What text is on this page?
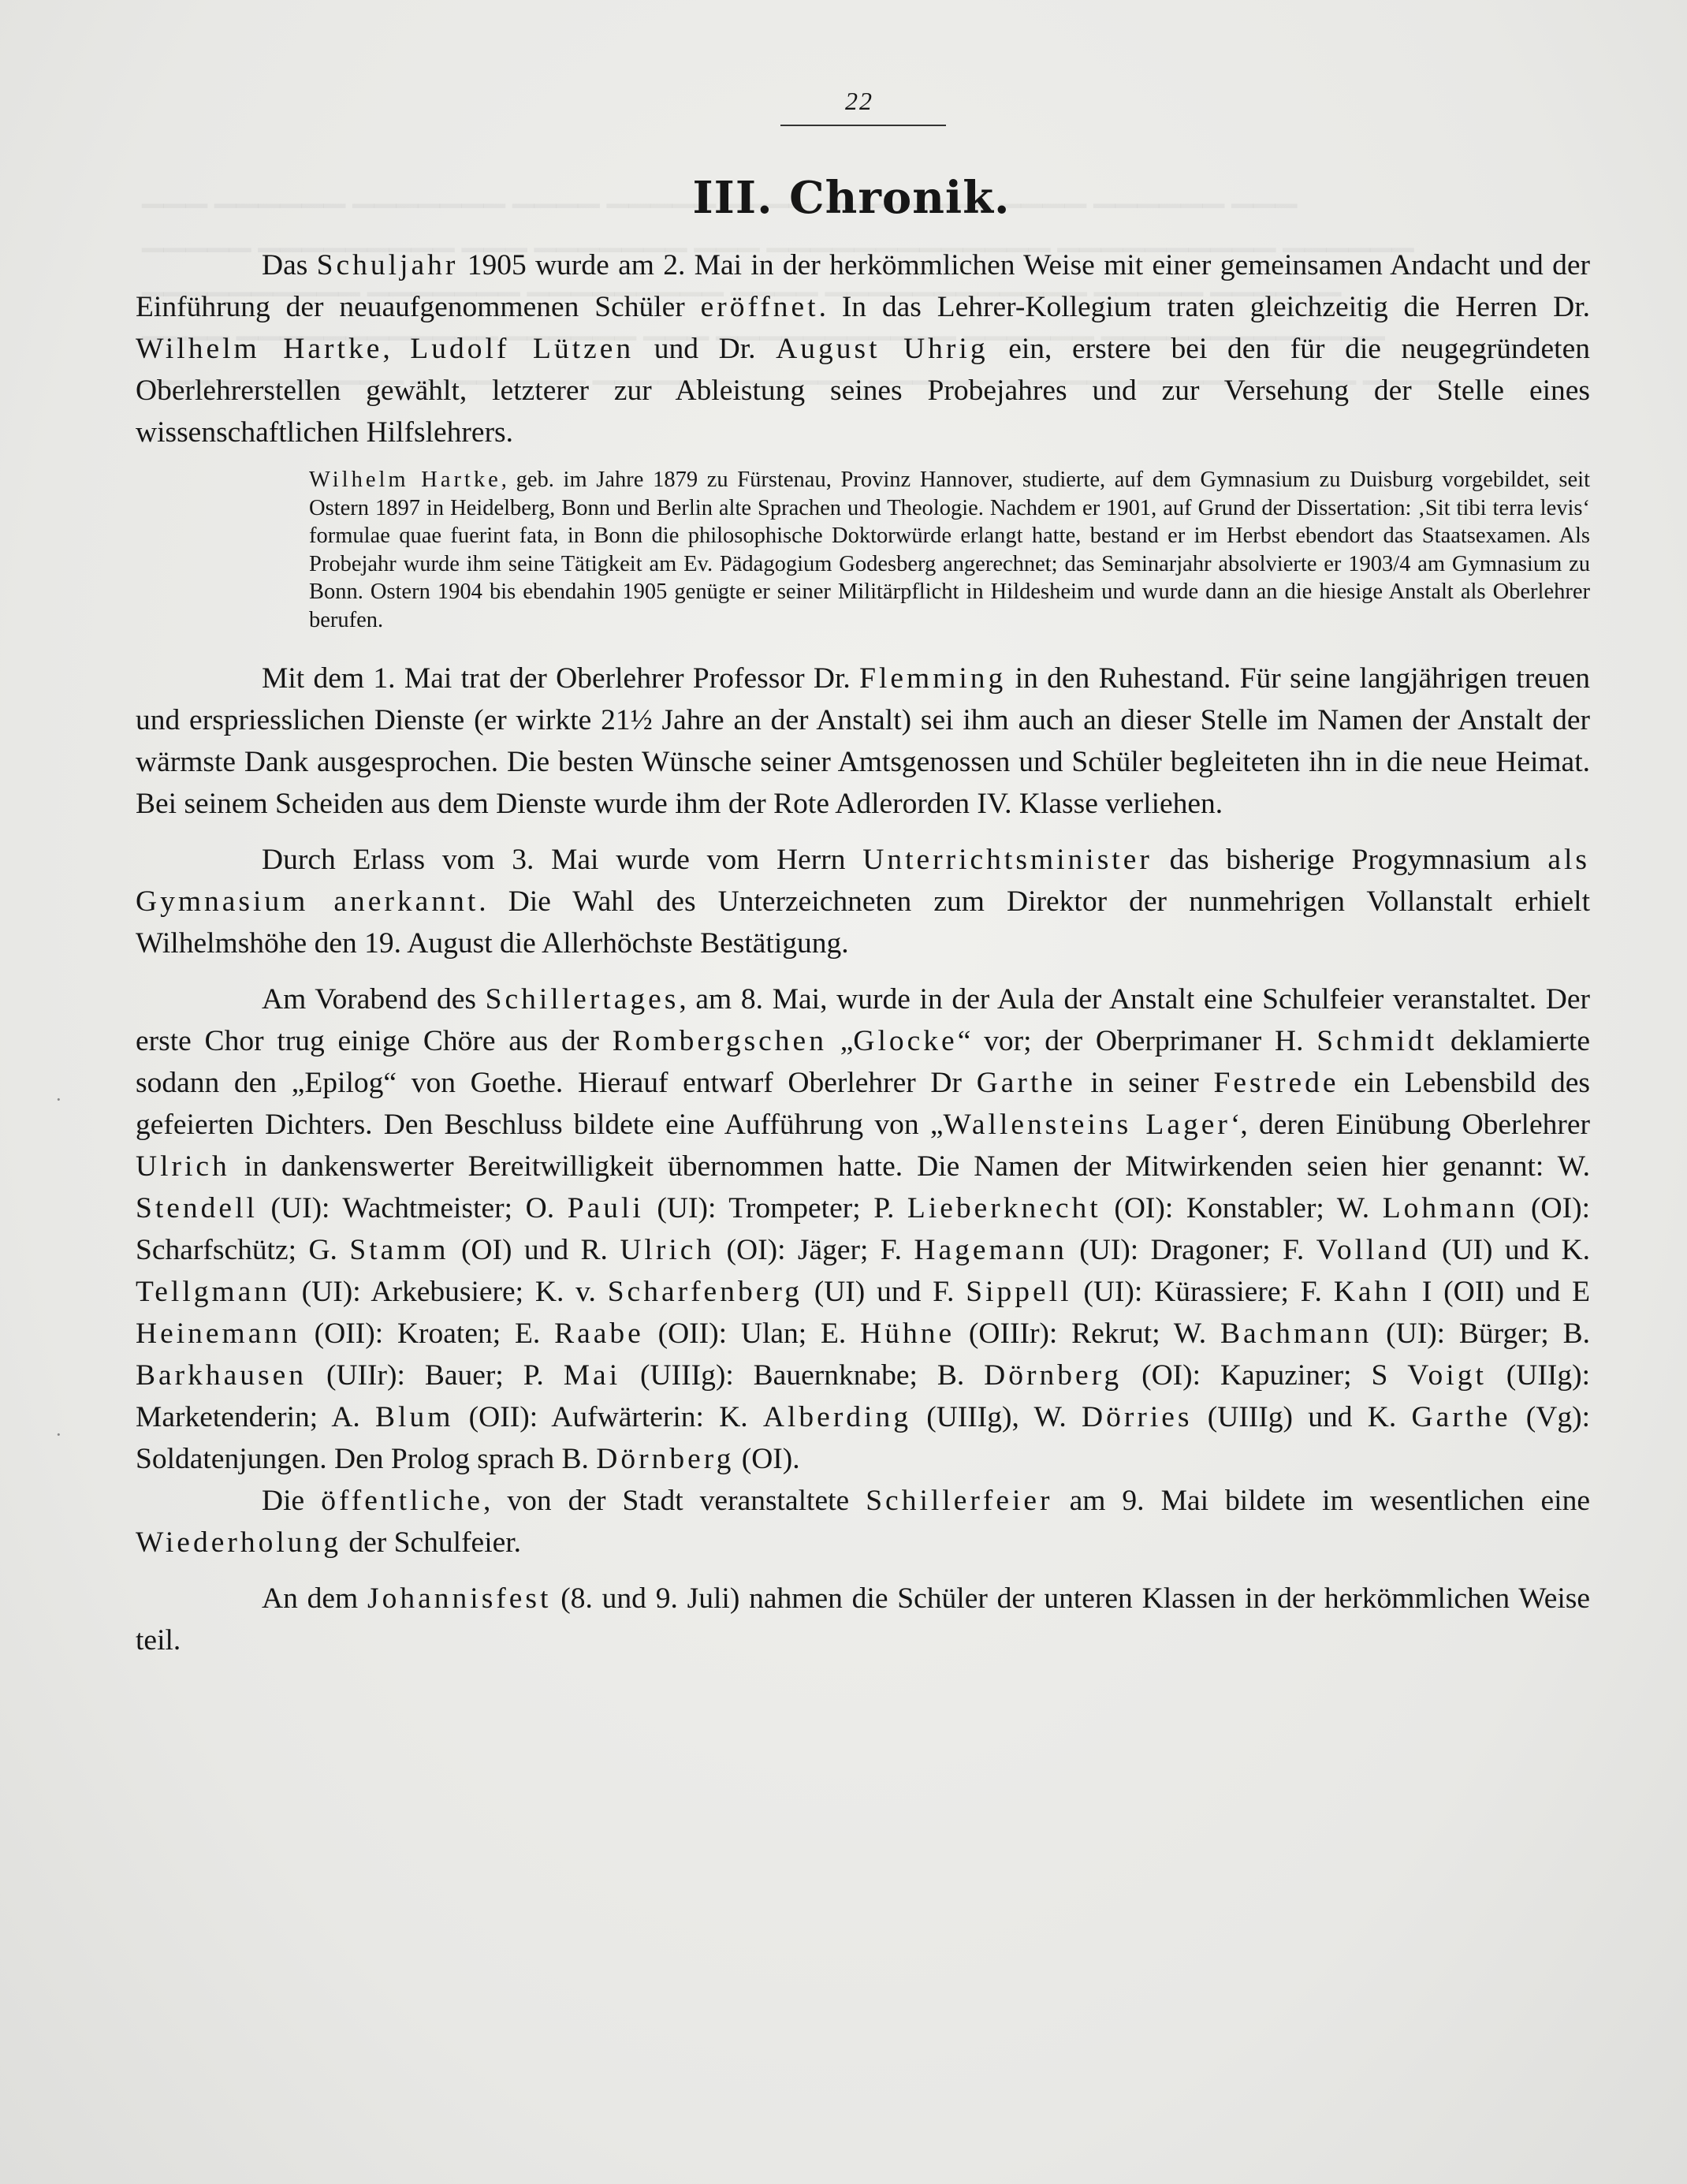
22
III. Chronik.

Das Schuljahr 1905 wurde am 2. Mai in der herkömmlichen Weise mit einer gemeinsamen Andacht und der Einführung der neuaufgenommenen Schüler eröffnet. In das Lehrer-Kollegium traten gleichzeitig die Herren Dr. Wilhelm Hartke, Ludolf Lützen und Dr. August Uhrig ein, erstere bei den für die neugegründeten Oberlehrerstellen gewählt, letzterer zur Ableistung seines Probejahres und zur Versehung der Stelle eines wissenschaftlichen Hilfslehrers.

Wilhelm Hartke, geb. im Jahre 1879 zu Fürstenau, Provinz Hannover, studierte, auf dem Gymnasium zu Duisburg vorgebildet, seit Ostern 1897 in Heidelberg, Bonn und Berlin alte Sprachen und Theologie. Nachdem er 1901, auf Grund der Dissertation: ‚Sit tibi terra levis‘ formulae quae fuerint fata, in Bonn die philosophische Doktorwürde erlangt hatte, bestand er im Herbst ebendort das Staatsexamen. Als Probejahr wurde ihm seine Tätigkeit am Ev. Pädagogium Godesberg angerechnet; das Seminarjahr absolvierte er 1903/4 am Gymnasium zu Bonn. Ostern 1904 bis ebendahin 1905 genügte er seiner Militärpflicht in Hildesheim und wurde dann an die hiesige Anstalt als Oberlehrer berufen.

Mit dem 1. Mai trat der Oberlehrer Professor Dr. Flemming in den Ruhestand. Für seine langjährigen treuen und erspriesslichen Dienste (er wirkte 21½ Jahre an der Anstalt) sei ihm auch an dieser Stelle im Namen der Anstalt der wärmste Dank ausgesprochen. Die besten Wünsche seiner Amtsgenossen und Schüler begleiteten ihn in die neue Heimat. Bei seinem Scheiden aus dem Dienste wurde ihm der Rote Adlerorden IV. Klasse verliehen.

Durch Erlass vom 3. Mai wurde vom Herrn Unterrichtsminister das bisherige Progymnasium als Gymnasium anerkannt. Die Wahl des Unterzeichneten zum Direktor der nunmehrigen Vollanstalt erhielt Wilhelmshöhe den 19. August die Allerhöchste Bestätigung.

Am Vorabend des Schillertages, am 8. Mai, wurde in der Aula der Anstalt eine Schulfeier veranstaltet. Der erste Chor trug einige Chöre aus der Rombergschen „Glocke“ vor; der Oberprimaner H. Schmidt deklamierte sodann den „Epilog“ von Goethe. Hierauf entwarf Oberlehrer Dr Garthe in seiner Festrede ein Lebensbild des gefeierten Dichters. Den Beschluss bildete eine Aufführung von „Wallensteins Lager‘, deren Einübung Oberlehrer Ulrich in dankenswerter Bereitwilligkeit übernommen hatte. Die Namen der Mitwirkenden seien hier genannt: W. Stendell (UI): Wachtmeister; O. Pauli (UI): Trompeter; P. Lieberknecht (OI): Konstabler; W. Lohmann (OI): Scharfschütz; G. Stamm (OI) und R. Ulrich (OI): Jäger; F. Hagemann (UI): Dragoner; F. Volland (UI) und K. Tellgmann (UI): Arkebusiere; K. v. Scharfenberg (UI) und F. Sippell (UI): Kürassiere; F. Kahn I (OII) und E Heinemann (OII): Kroaten; E. Raabe (OII): Ulan; E. Hühne (OIIIr): Rekrut; W. Bachmann (UI): Bürger; B. Barkhausen (UIIr): Bauer; P. Mai (UIIIg): Bauernknabe; B. Dörnberg (OI): Kapuziner; S Voigt (UIIg): Marketenderin; A. Blum (OII): Aufwärterin: K. Alberding (UIIIg), W. Dörries (UIIIg) und K. Garthe (Vg): Soldatenjungen. Den Prolog sprach B. Dörnberg (OI).

Die öffentliche, von der Stadt veranstaltete Schillerfeier am 9. Mai bildete im wesentlichen eine Wiederholung der Schulfeier.

An dem Johannisfest (8. und 9. Juli) nahmen die Schüler der unteren Klassen in der herkömmlichen Weise teil.

·
·
